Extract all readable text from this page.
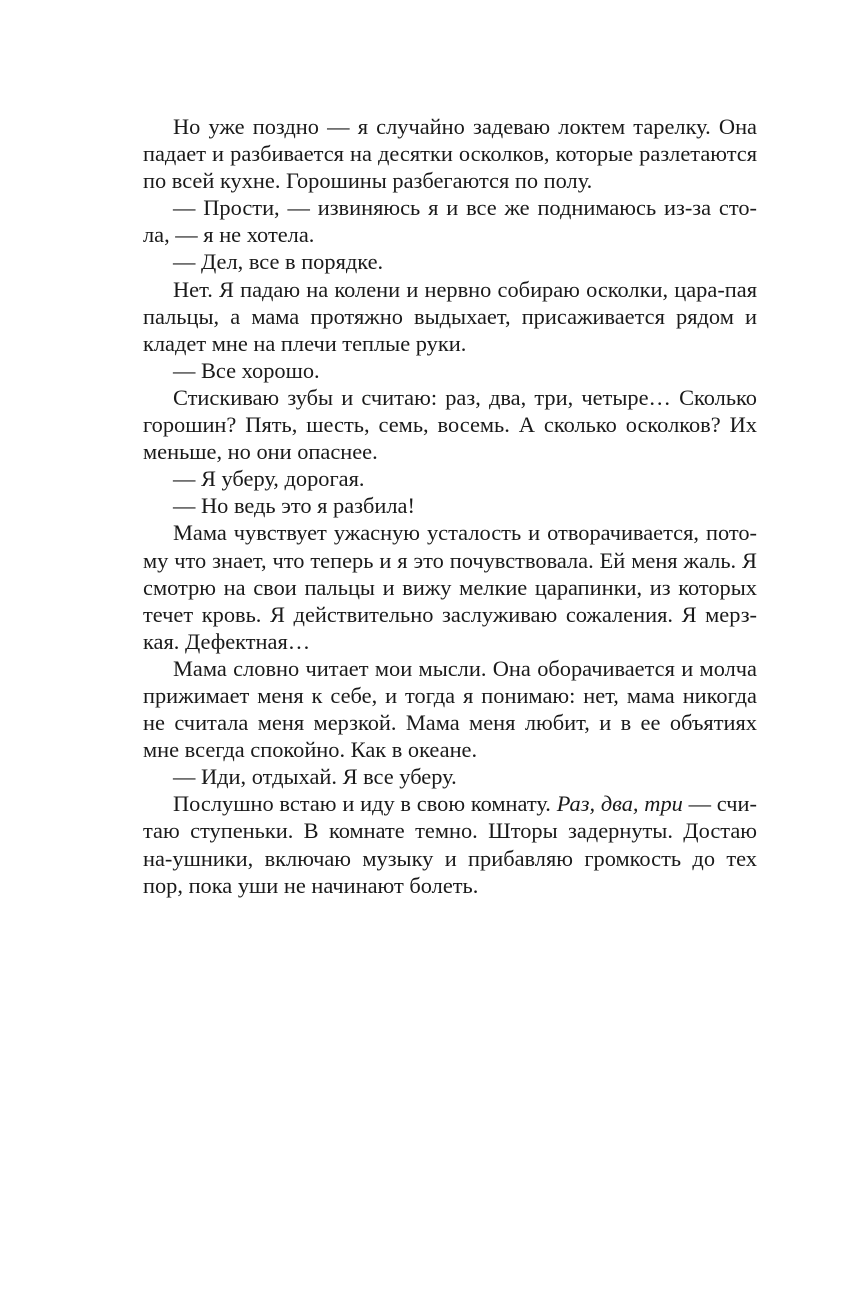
Но уже поздно — я случайно задеваю локтем тарелку. Она падает и разбивается на десятки осколков, которые разлетаются по всей кухне. Горошины разбегаются по полу.

— Прости, — извиняюсь я и все же поднимаюсь из-за сто-ла, — я не хотела.

— Дел, все в порядке.

Нет. Я падаю на колени и нервно собираю осколки, цара-пая пальцы, а мама протяжно выдыхает, присаживается рядом и кладет мне на плечи теплые руки.

— Все хорошо.

Стискиваю зубы и считаю: раз, два, три, четыре… Сколько горошин? Пять, шесть, семь, восемь. А сколько осколков? Их меньше, но они опаснее.

— Я уберу, дорогая.

— Но ведь это я разбила!

Мама чувствует ужасную усталость и отворачивается, пото-му что знает, что теперь и я это почувствовала. Ей меня жаль. Я смотрю на свои пальцы и вижу мелкие царапинки, из которых течет кровь. Я действительно заслуживаю сожаления. Я мерз-кая. Дефектная…

Мама словно читает мои мысли. Она оборачивается и молча прижимает меня к себе, и тогда я понимаю: нет, мама никогда не считала меня мерзкой. Мама меня любит, и в ее объятиях мне всегда спокойно. Как в океане.

— Иди, отдыхай. Я все уберу.

Послушно встаю и иду в свою комнату. Раз, два, три — счи-таю ступеньки. В комнате темно. Шторы задернуты. Достаю на-ушники, включаю музыку и прибавляю громкость до тех пор, пока уши не начинают болеть.
